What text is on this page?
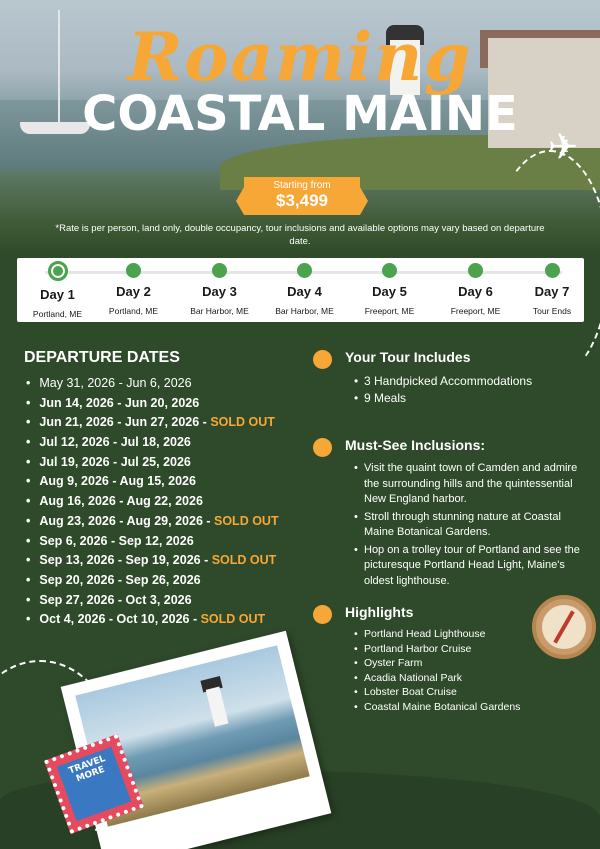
Roaming
COASTAL MAINE
✈
Starting from
$3,499
*Rate is per person, land only, double occupancy, tour inclusions and available options may vary based on departure date.
Day 1
Portland, ME
Day 2
Portland, ME
Day 3
Bar Harbor, ME
Day 4
Bar Harbor, ME
Day 5
Freeport, ME
Day 6
Freeport, ME
Day 7
Tour Ends
DEPARTURE DATES
• May 31, 2026 - Jun 6, 2026
• Jun 14, 2026 - Jun 20, 2026
• Jun 21, 2026 - Jun 27, 2026 - SOLD OUT
• Jul 12, 2026 - Jul 18, 2026
• Jul 19, 2026 - Jul 25, 2026
• Aug 9, 2026 - Aug 15, 2026
• Aug 16, 2026 - Aug 22, 2026
• Aug 23, 2026 - Aug 29, 2026 - SOLD OUT
• Sep 6, 2026 - Sep 12, 2026
• Sep 13, 2026 - Sep 19, 2026 - SOLD OUT
• Sep 20, 2026 - Sep 26, 2026
• Sep 27, 2026 - Oct 3, 2026
• Oct 4, 2026 - Oct 10, 2026 - SOLD OUT
Your Tour Includes
• 3 Handpicked Accommodations
• 9 Meals
Must-See Inclusions:
• Visit the quaint town of Camden and admire the surrounding hills and the quintessential New England harbor.
• Stroll through stunning nature at Coastal Maine Botanical Gardens.
• Hop on a trolley tour of Portland and see the picturesque Portland Head Light, Maine's oldest lighthouse.
Highlights
• Portland Head Lighthouse
• Portland Harbor Cruise
• Oyster Farm
• Acadia National Park
• Lobster Boat Cruise
• Coastal Maine Botanical Gardens
TRAVEL MORE
